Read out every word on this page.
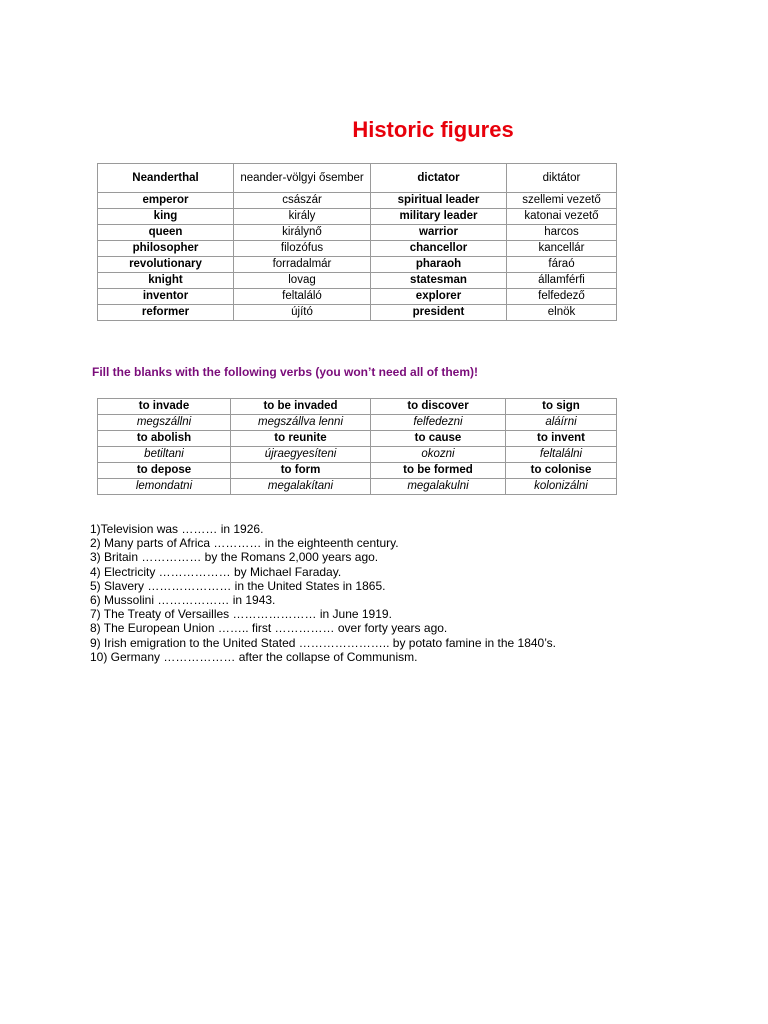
Historic figures
Neanderthal	neander-völgyi ősember	dictator	diktátor
emperor	császár	spiritual leader	szellemi vezető
king	király	military leader	katonai vezető
queen	királynő	warrior	harcos
philosopher	filozófus	chancellor	kancellár
revolutionary	forradalmár	pharaoh	fáraó
knight	lovag	statesman	államférfi
inventor	feltaláló	explorer	felfedező
reformer	újító	president	elnök

Fill the blanks with the following verbs (you won’t need all of them)!

to invade	to be invaded	to discover	to sign
megszállni	megszállva lenni	felfedezni	aláírni
to abolish	to reunite	to cause	to invent
betiltani	újraegyesíteni	okozni	feltalálni
to depose	to form	to be formed	to colonise
lemondatni	megalakítani	megalakulni	kolonizálni
1)Television was ……… in 1926.
2) Many parts of Africa ………… in the eighteenth century.
3) Britain …………… by the Romans 2,000 years ago.
4) Electricity ……………… by Michael Faraday.
5) Slavery ………………… in the United States in 1865.
6) Mussolini ……………… in 1943.
7) The Treaty of Versailles ………………… in June 1919.
8) The European Union …….. first …………… over forty years ago.
9) Irish emigration to the United Stated ………………….. by potato famine in the 1840’s.
10) Germany ……………… after the collapse of Communism.
